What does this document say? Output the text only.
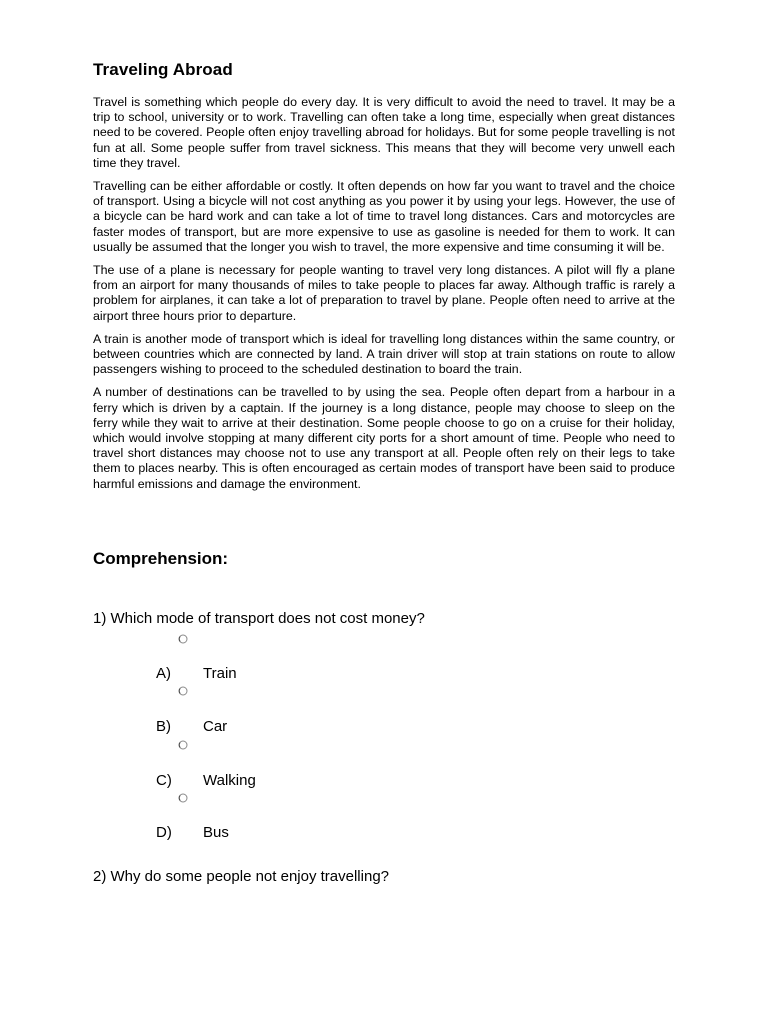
Traveling Abroad

Travel is something which people do every day. It is very difficult to avoid the need to travel. It may be a trip to school, university or to work. Travelling can often take a long time, especially when great distances need to be covered. People often enjoy travelling abroad for holidays. But for some people travelling is not fun at all. Some people suffer from travel sickness. This means that they will become very unwell each time they travel.

Travelling can be either affordable or costly. It often depends on how far you want to travel and the choice of transport. Using a bicycle will not cost anything as you power it by using your legs. However, the use of a bicycle can be hard work and can take a lot of time to travel long distances. Cars and motorcycles are faster modes of transport, but are more expensive to use as gasoline is needed for them to work. It can usually be assumed that the longer you wish to travel, the more expensive and time consuming it will be.

The use of a plane is necessary for people wanting to travel very long distances. A pilot will fly a plane from an airport for many thousands of miles to take people to places far away. Although traffic is rarely a problem for airplanes, it can take a lot of preparation to travel by plane. People often need to arrive at the airport three hours prior to departure.

A train is another mode of transport which is ideal for travelling long distances within the same country, or between countries which are connected by land. A train driver will stop at train stations on route to allow passengers wishing to proceed to the scheduled destination to board the train.

A number of destinations can be travelled to by using the sea. People often depart from a harbour in a ferry which is driven by a captain. If the journey is a long distance, people may choose to sleep on the ferry while they wait to arrive at their destination. Some people choose to go on a cruise for their holiday, which would involve stopping at many different city ports for a short amount of time. People who need to travel short distances may choose not to use any transport at all. People often rely on their legs to take them to places nearby. This is often encouraged as certain modes of transport have been said to produce harmful emissions and damage the environment.

Comprehension:
1) Which mode of transport does not cost money?
A) Train
B) Car
C) Walking
D) Bus
2) Why do some people not enjoy travelling?
